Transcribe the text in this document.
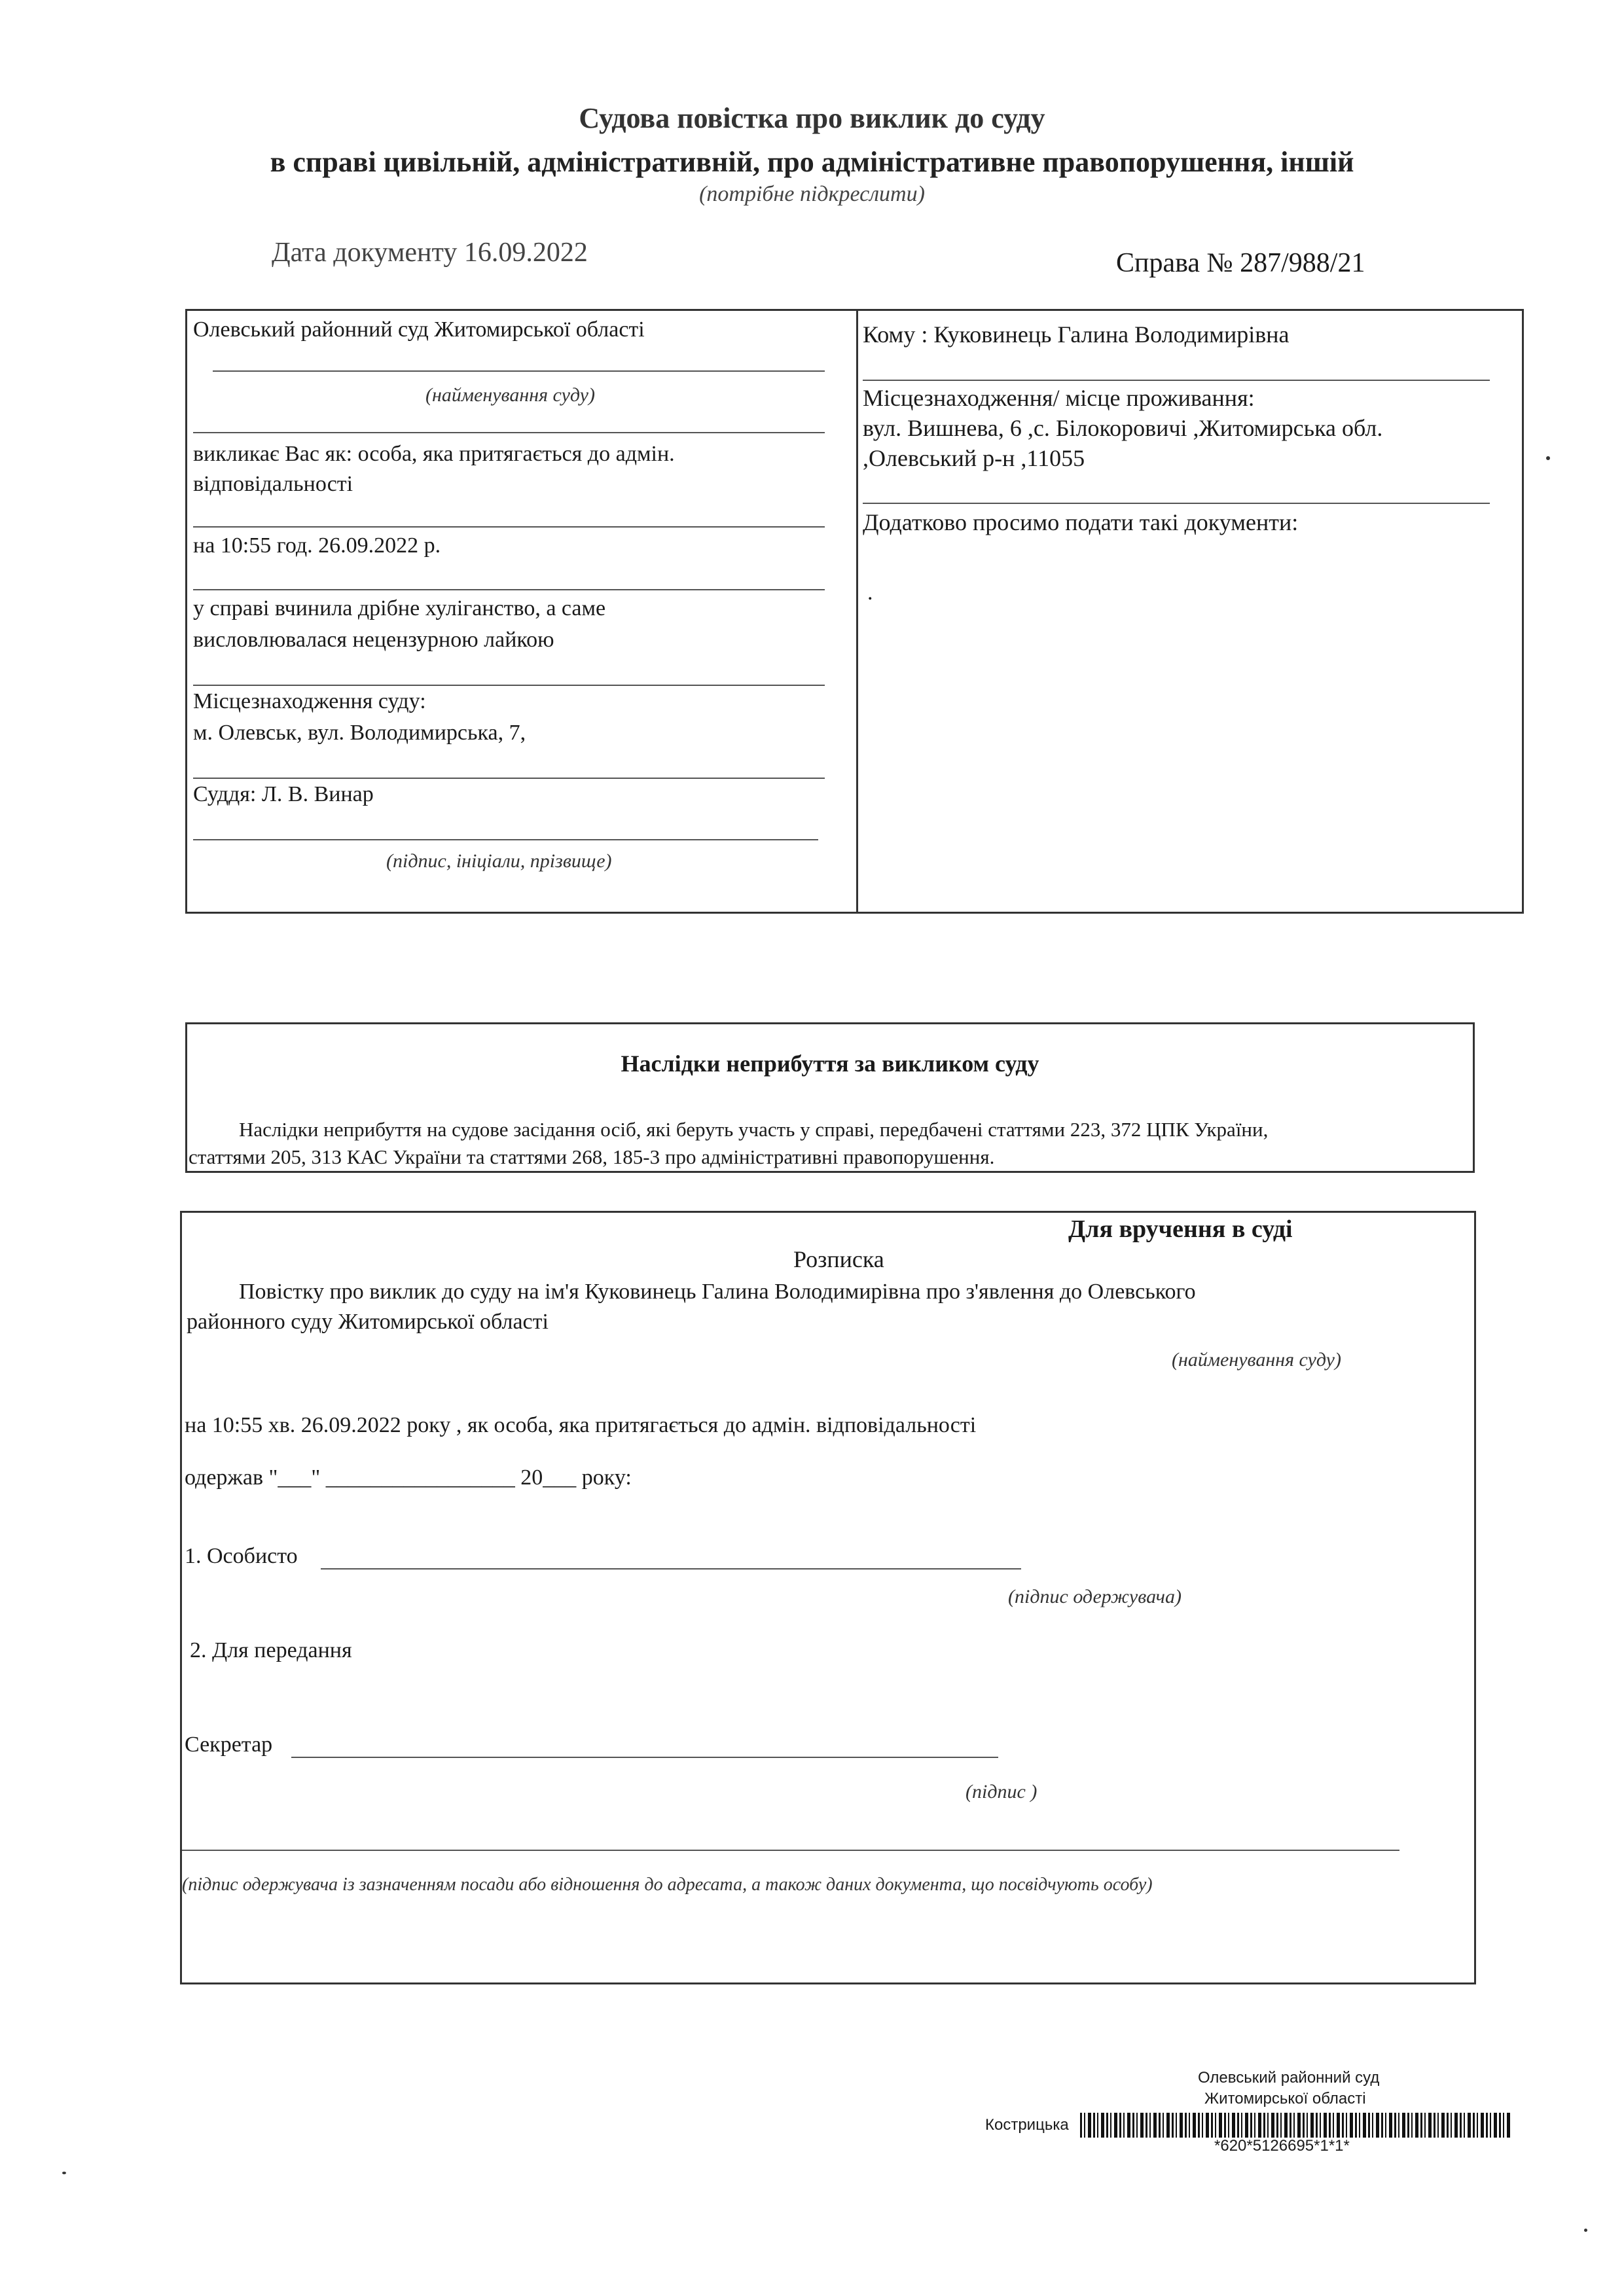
Судова повістка про виклик до суду
в справі цивільній, адміністративній, про адміністративне правопорушення, іншій
(потрібне підкреслити)
Дата документу 16.09.2022	Справа № 287/988/21
Олевський районний суд Житомирської області
(найменування суду)
викликає Вас як: особа, яка притягається до адмін.
відповідальності
на 10:55 год. 26.09.2022 р.
у справі вчинила дрібне хуліганство, а саме
висловлювалася нецензурною лайкою
Місцезнаходження суду:
м. Олевськ, вул. Володимирська, 7,
Суддя: Л. В. Винар
(підпис, ініціали, прізвище)
Кому : Куковинець Галина Володимирівна
Місцезнаходження/ місце проживання:
вул. Вишнева, 6 ,с. Білокоровичі ,Житомирська обл.
,Олевський р-н ,11055
Додатково просимо подати такі документи:
.
Наслідки неприбуття за викликом суду
Наслідки неприбуття на судове засідання осіб, які беруть участь у справі, передбачені статтями 223, 372 ЦПК України,
статтями 205, 313 КАС України та статтями 268, 185-3 про адміністративні правопорушення.
Для вручення в суді
Розписка
Повістку про виклик до суду на ім'я Куковинець Галина Володимирівна про з'явлення до Олевського
районного суду Житомирської області
(найменування суду)
на 10:55 хв. 26.09.2022 року , як особа, яка притягається до адмін. відповідальності
одержав "___" _________________ 20___ року:
1. Особисто
(підпис одержувача)
2. Для передання
Секретар
(підпис )
(підпис одержувача із зазначенням посади або відношення до адресата, а також даних документа, що посвідчують особу)
Олевський районний суд
Житомирської області
Кострицька
*620*5126695*1*1*
